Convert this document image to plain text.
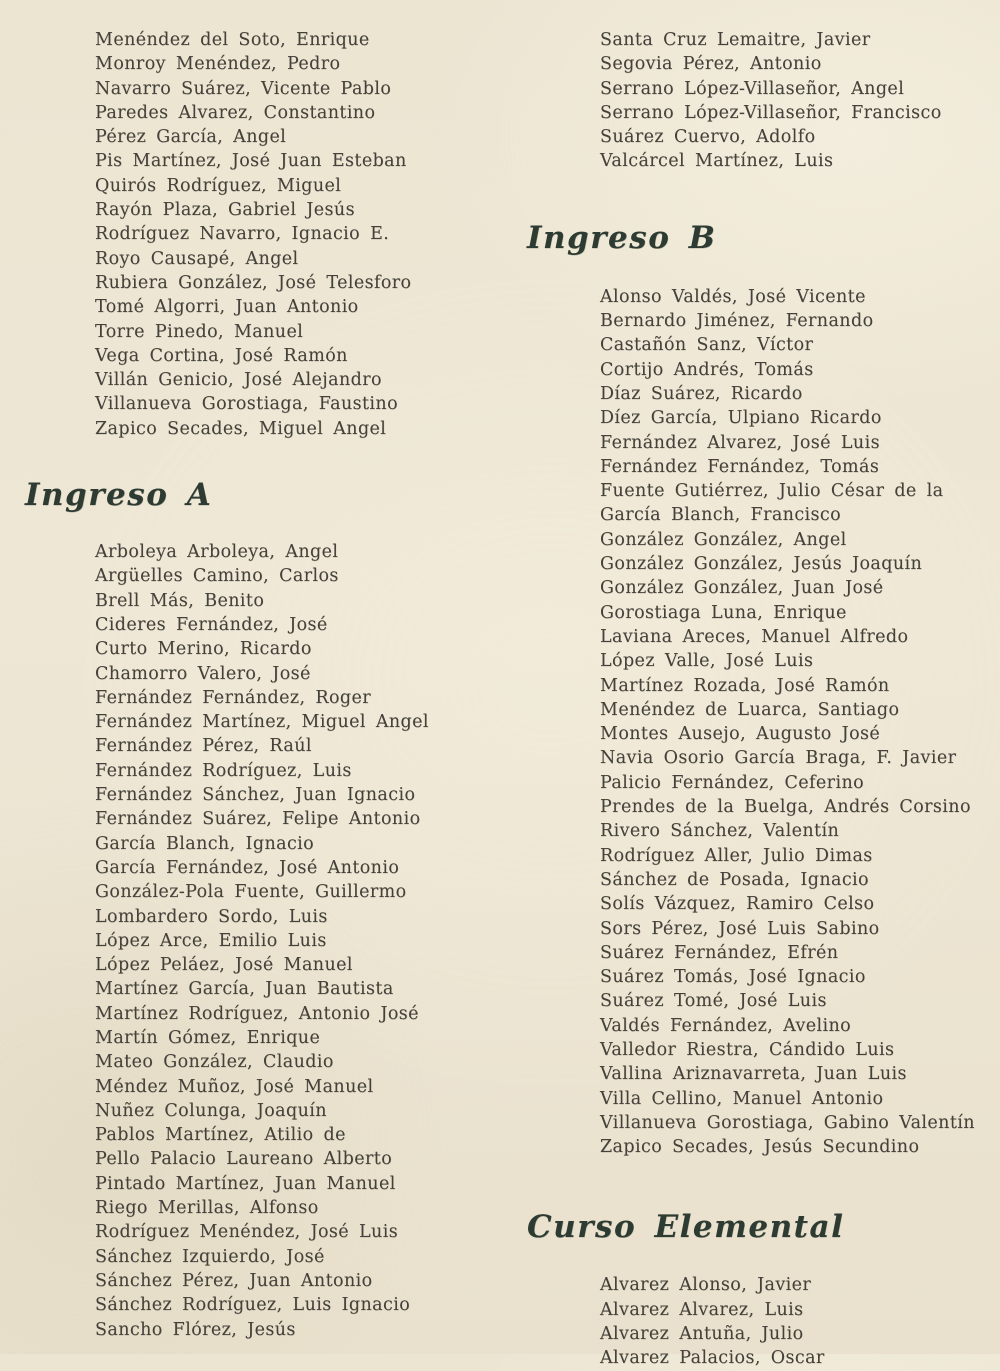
Menéndez del Soto, Enrique
Monroy Menéndez, Pedro
Navarro Suárez, Vicente Pablo
Paredes Alvarez, Constantino
Pérez García, Angel
Pis Martínez, José Juan Esteban
Quirós Rodríguez, Miguel
Rayón Plaza, Gabriel Jesús
Rodríguez Navarro, Ignacio E.
Royo Causapé, Angel
Rubiera González, José Telesforo
Tomé Algorri, Juan Antonio
Torre Pinedo, Manuel
Vega Cortina, José Ramón
Villán Genicio, José Alejandro
Villanueva Gorostiaga, Faustino
Zapico Secades, Miguel Angel
Ingreso A
Arboleya Arboleya, Angel
Argüelles Camino, Carlos
Brell Más, Benito
Cideres Fernández, José
Curto Merino, Ricardo
Chamorro Valero, José
Fernández Fernández, Roger
Fernández Martínez, Miguel Angel
Fernández Pérez, Raúl
Fernández Rodríguez, Luis
Fernández Sánchez, Juan Ignacio
Fernández Suárez, Felipe Antonio
García Blanch, Ignacio
García Fernández, José Antonio
González-Pola Fuente, Guillermo
Lombardero Sordo, Luis
López Arce, Emilio Luis
López Peláez, José Manuel
Martínez García, Juan Bautista
Martínez Rodríguez, Antonio José
Martín Gómez, Enrique
Mateo González, Claudio
Méndez Muñoz, José Manuel
Nuñez Colunga, Joaquín
Pablos Martínez, Atilio de
Pello Palacio Laureano Alberto
Pintado Martínez, Juan Manuel
Riego Merillas, Alfonso
Rodríguez Menéndez, José Luis
Sánchez Izquierdo, José
Sánchez Pérez, Juan Antonio
Sánchez Rodríguez, Luis Ignacio
Sancho Flórez, Jesús
Santa Cruz Lemaitre, Javier
Segovia Pérez, Antonio
Serrano López-Villaseñor, Angel
Serrano López-Villaseñor, Francisco
Suárez Cuervo, Adolfo
Valcárcel Martínez, Luis
Ingreso B
Alonso Valdés, José Vicente
Bernardo Jiménez, Fernando
Castañón Sanz, Víctor
Cortijo Andrés, Tomás
Díaz Suárez, Ricardo
Díez García, Ulpiano Ricardo
Fernández Alvarez, José Luis
Fernández Fernández, Tomás
Fuente Gutiérrez, Julio César de la
García Blanch, Francisco
González González, Angel
González González, Jesús Joaquín
González González, Juan José
Gorostiaga Luna, Enrique
Laviana Areces, Manuel Alfredo
López Valle, José Luis
Martínez Rozada, José Ramón
Menéndez de Luarca, Santiago
Montes Ausejo, Augusto José
Navia Osorio García Braga, F. Javier
Palicio Fernández, Ceferino
Prendes de la Buelga, Andrés Corsino
Rivero Sánchez, Valentín
Rodríguez Aller, Julio Dimas
Sánchez de Posada, Ignacio
Solís Vázquez, Ramiro Celso
Sors Pérez, José Luis Sabino
Suárez Fernández, Efrén
Suárez Tomás, José Ignacio
Suárez Tomé, José Luis
Valdés Fernández, Avelino
Valledor Riestra, Cándido Luis
Vallina Ariznavarreta, Juan Luis
Villa Cellino, Manuel Antonio
Villanueva Gorostiaga, Gabino Valentín
Zapico Secades, Jesús Secundino
Curso Elemental
Alvarez Alonso, Javier
Alvarez Alvarez, Luis
Alvarez Antuña, Julio
Alvarez Palacios, Oscar
